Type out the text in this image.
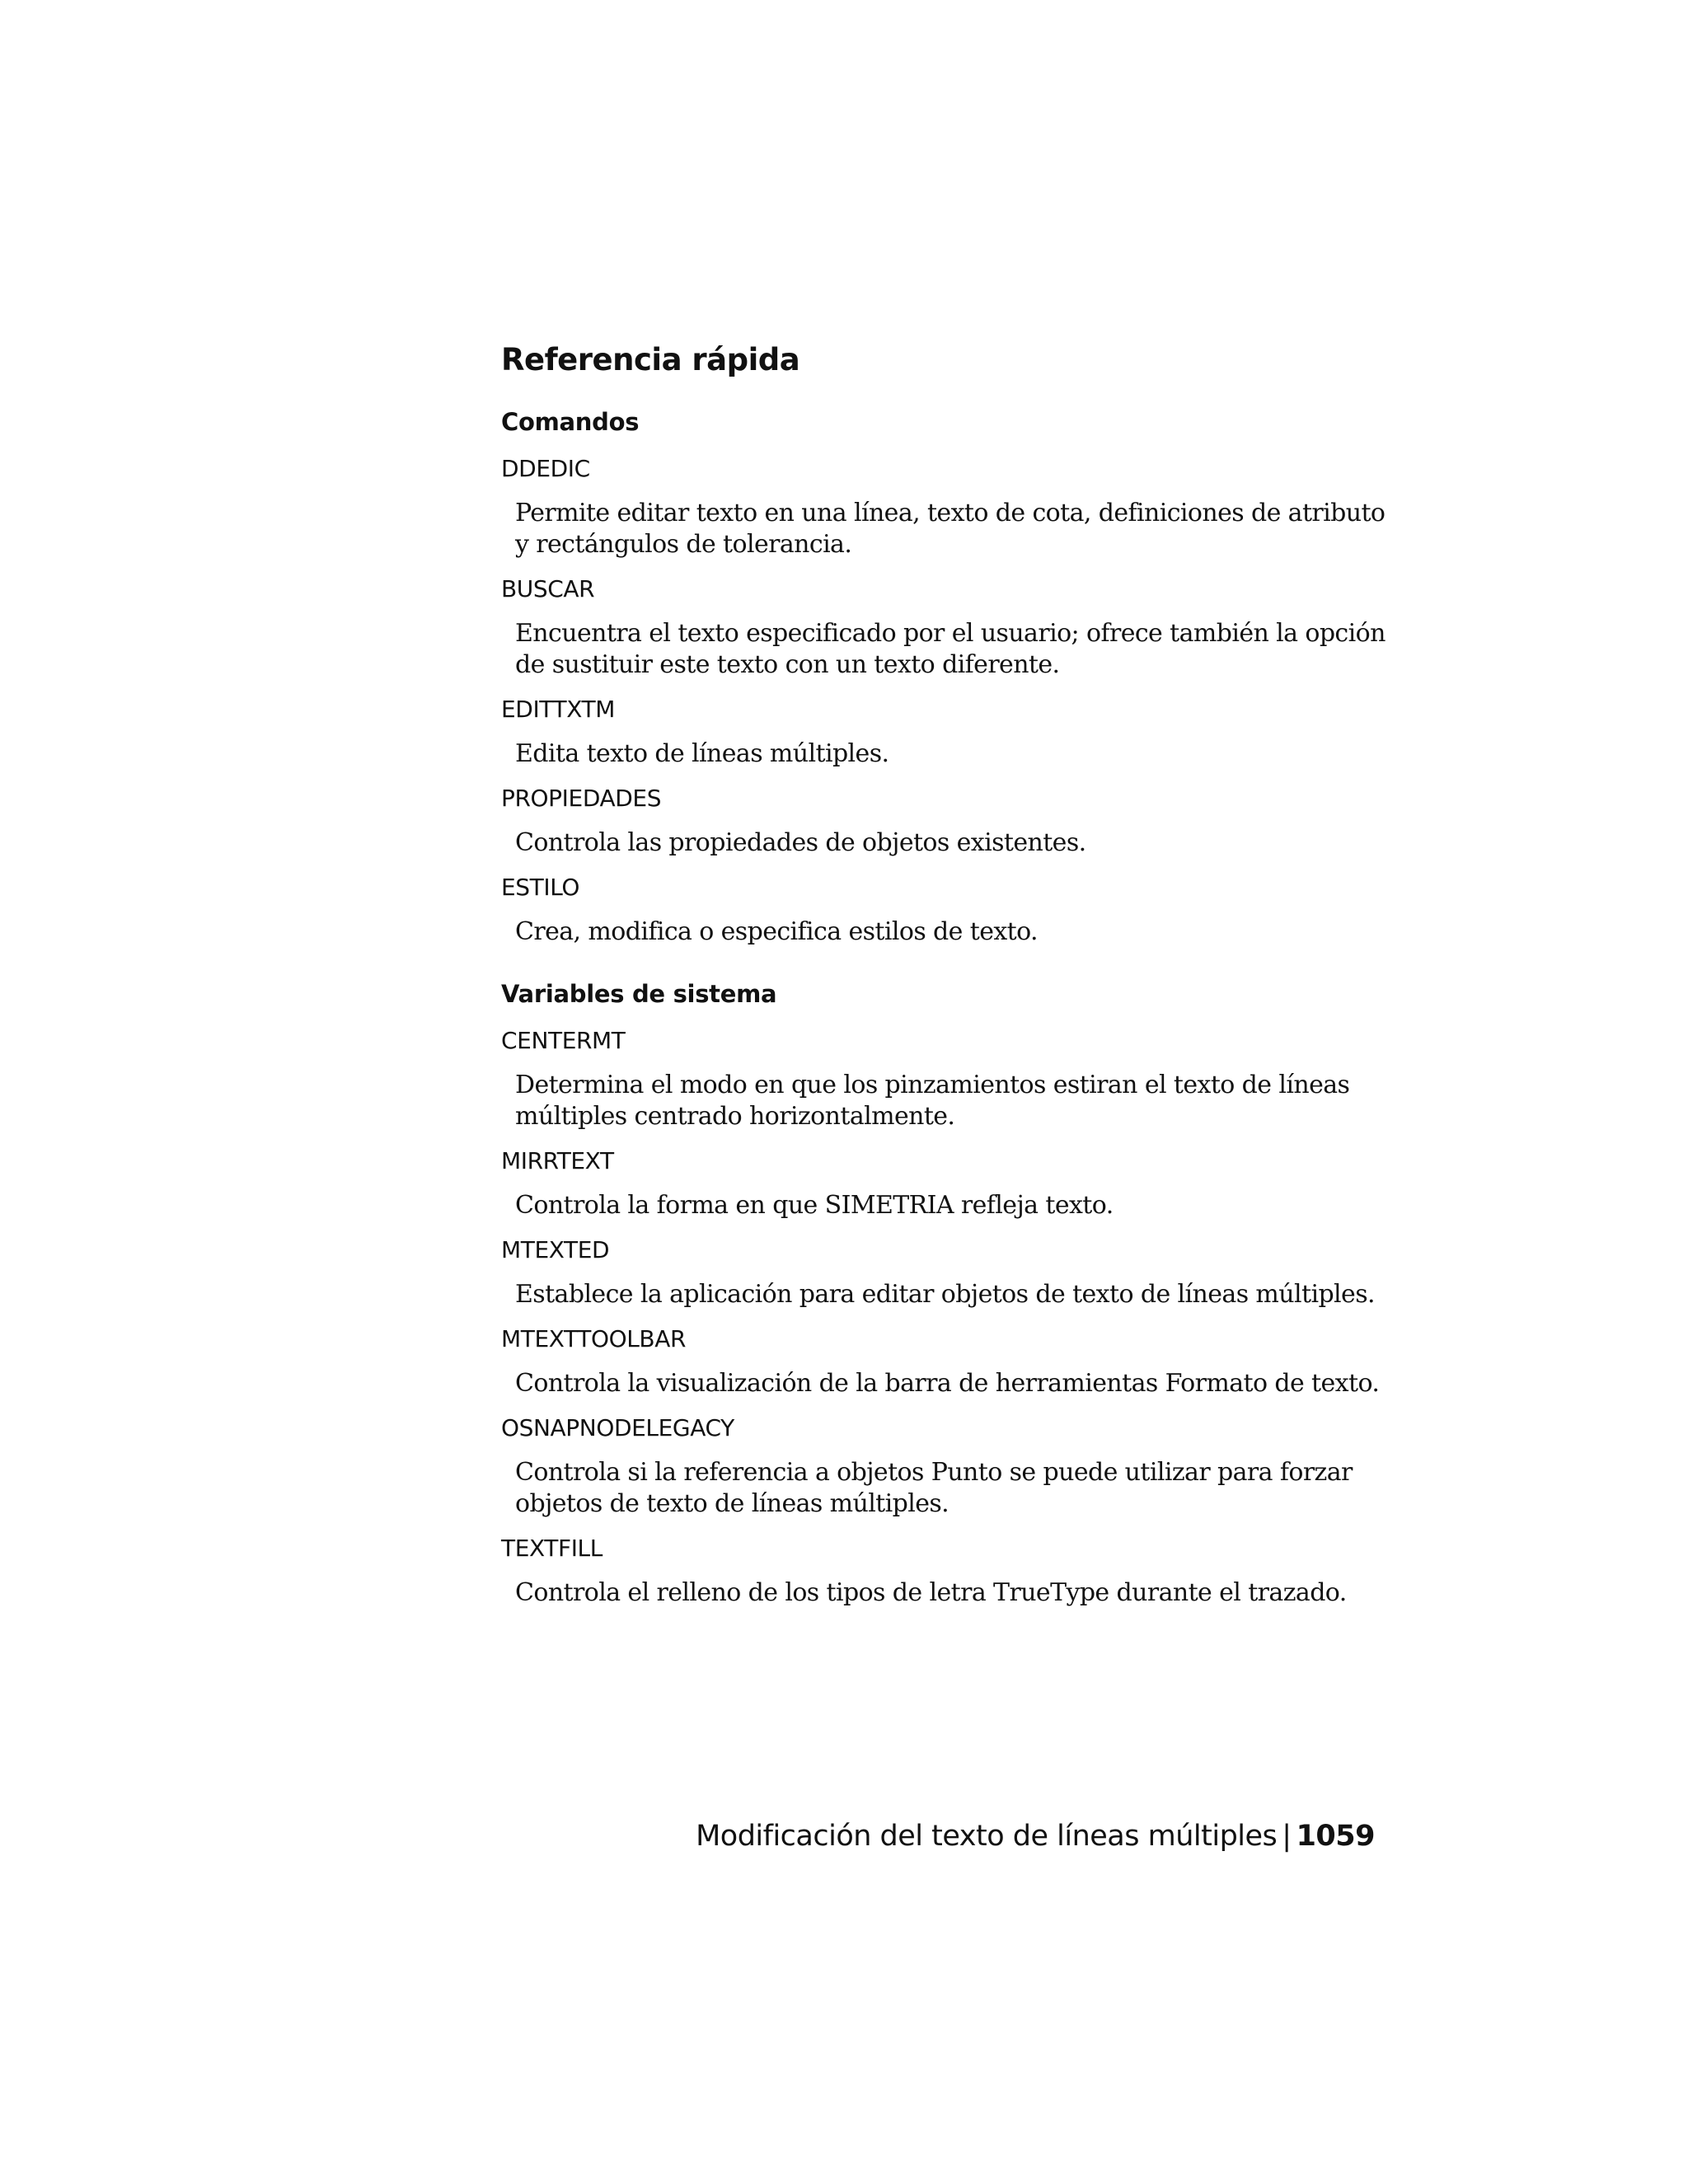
Referencia rápida
Comandos
DDEDIC
Permite editar texto en una línea, texto de cota, definiciones de atributo y rectángulos de tolerancia.
BUSCAR
Encuentra el texto especificado por el usuario; ofrece también la opción de sustituir este texto con un texto diferente.
EDITTXTM
Edita texto de líneas múltiples.
PROPIEDADES
Controla las propiedades de objetos existentes.
ESTILO
Crea, modifica o especifica estilos de texto.
Variables de sistema
CENTERMT
Determina el modo en que los pinzamientos estiran el texto de líneas múltiples centrado horizontalmente.
MIRRTEXT
Controla la forma en que SIMETRIA refleja texto.
MTEXTED
Establece la aplicación para editar objetos de texto de líneas múltiples.
MTEXTTOOLBAR
Controla la visualización de la barra de herramientas Formato de texto.
OSNAPNODELEGACY
Controla si la referencia a objetos Punto se puede utilizar para forzar objetos de texto de líneas múltiples.
TEXTFILL
Controla el relleno de los tipos de letra TrueType durante el trazado.
Modificación del texto de líneas múltiples | 1059
